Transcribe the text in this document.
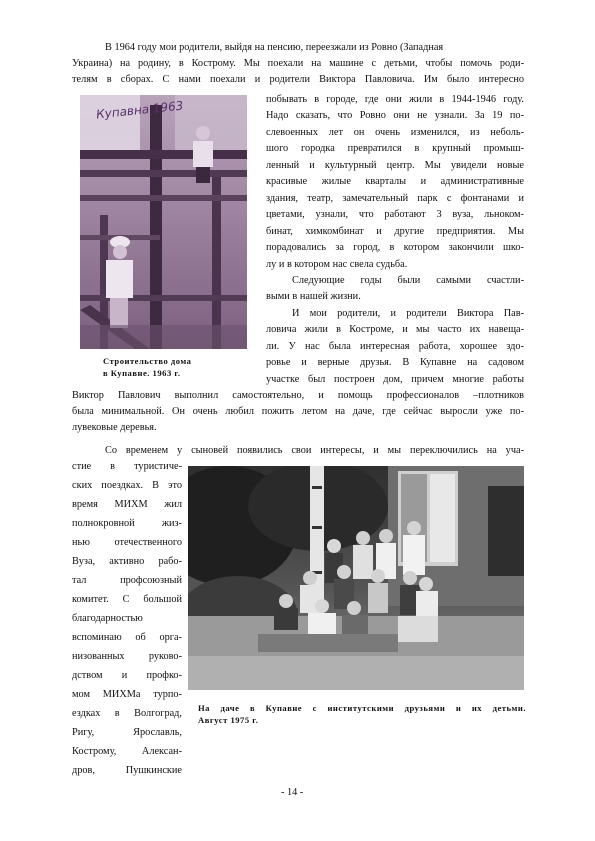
В 1964 году мои родители, выйдя на пенсию, переезжали из Ровно (Западная

Украина) на родину, в Кострому. Мы поехали на машине с детьми, чтобы помочь роди-

телям в сборах. С нами поехали и родители Виктора Павловича. Им было интересно

побывать в городе, где они жили в 1944-1946 году.

Надо сказать, что Ровно они не узнали. За 19 по-

слевоенных лет он очень изменился, из неболь-

шого городка превратился в крупный промыш-

ленный и культурный центр. Мы увидели новые

красивые жилые кварталы и административные

здания, театр, замечательный парк с фонтанами и

цветами, узнали, что работают 3 вуза, льноком-

бинат, химкомбинат и другие предприятия. Мы

порадовались за город, в котором закончили шко-

лу и в котором нас свела судьба.

Следующие годы были самыми счастли-

выми в нашей жизни.

И мои родители, и родители Виктора Пав-

ловича жили в Костроме, и мы часто их навеща-

ли. У нас была интересная работа, хорошее здо-

ровье и верные друзья. В Купавне на садовом

участке был построен дом, причем многие работы

Виктор Павлович выполнил самостоятельно, и помощь профессионалов –плотников

была минимальной. Он очень любил пожить летом на даче, где сейчас выросли уже по-

лувековые деревья.

Со временем у сыновей появились свои интересы, и мы переключились на уча-

стие в туристиче-

ских поездках. В это

время МИХМ жил

полнокровной жиз-

нью отечественного

Вуза, активно рабо-

тал профсоюзный

комитет. С большой

благодарностью

вспоминаю об орга-

низованных руково-

дством и профко-

мом МИХМа турпо-

ездках в Волгоград,

Ригу, Ярославль,

Кострому, Алексан-

дров, Пушкинские

Купавна 1963
Строительство дома
в Купавне. 1963 г.
На даче в Купавне с институтскими друзьями и их детьми.
Август 1975 г.
- 14 -
